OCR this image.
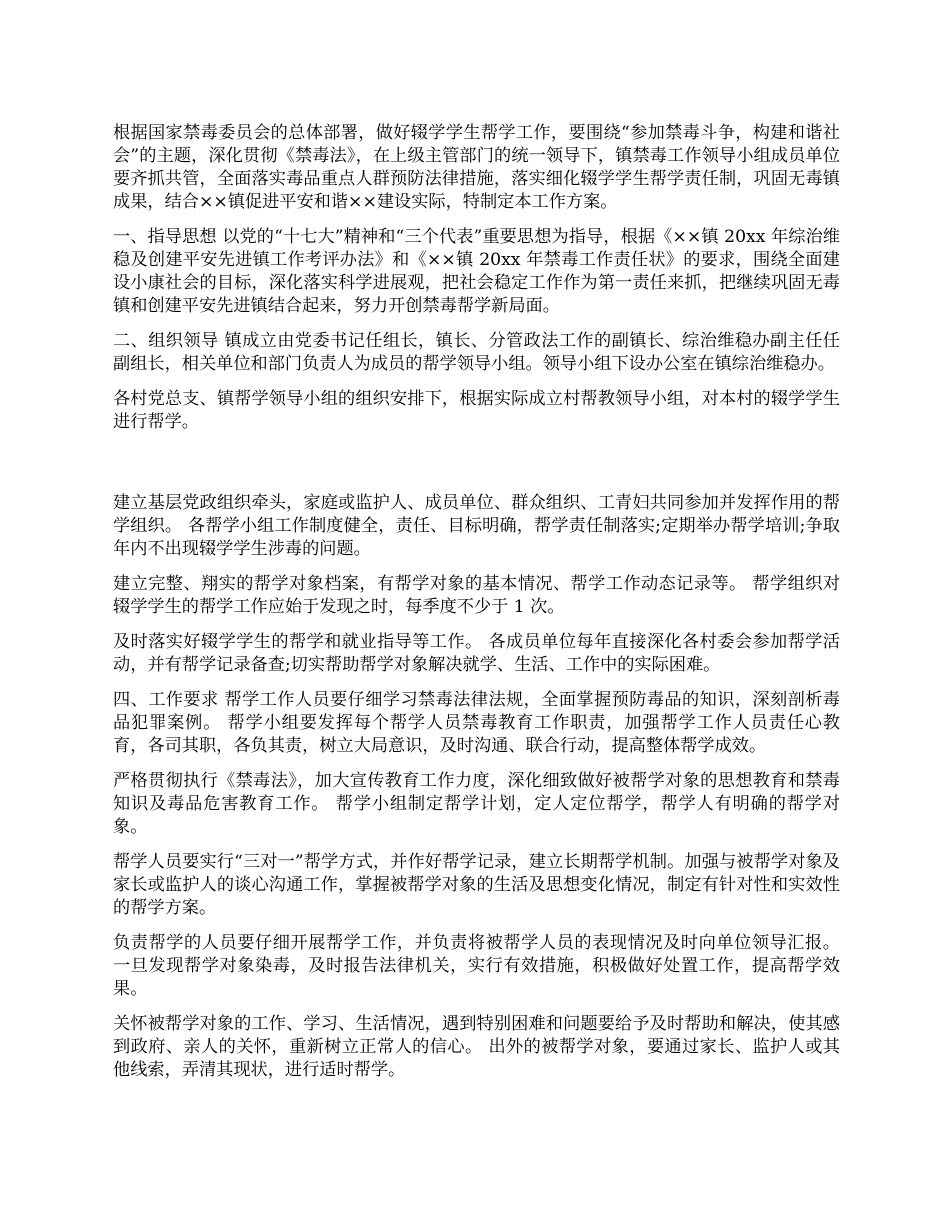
根据国家禁毒委员会的总体部署，做好辍学学生帮学工作，要围绕“参加禁毒斗争，构建和谐社会”的主题，深化贯彻《禁毒法》，在上级主管部门的统一领导下，镇禁毒工作领导小组成员单位要齐抓共管，全面落实毒品重点人群预防法律措施，落实细化辍学学生帮学责任制，巩固无毒镇成果，结合××镇促进平安和谐××建设实际，特制定本工作方案。

一、指导思想 以党的“十七大”精神和“三个代表”重要思想为指导，根据《××镇 20xx 年综治维稳及创建平安先进镇工作考评办法》和《××镇 20xx 年禁毒工作责任状》的要求，围绕全面建设小康社会的目标，深化落实科学进展观，把社会稳定工作作为第一责任来抓，把继续巩固无毒镇和创建平安先进镇结合起来，努力开创禁毒帮学新局面。

二、组织领导 镇成立由党委书记任组长，镇长、分管政法工作的副镇长、综治维稳办副主任任副组长，相关单位和部门负责人为成员的帮学领导小组。领导小组下设办公室在镇综治维稳办。

各村党总支、镇帮学领导小组的组织安排下，根据实际成立村帮教领导小组，对本村的辍学学生进行帮学。

建立基层党政组织牵头，家庭或监护人、成员单位、群众组织、工青妇共同参加并发挥作用的帮学组织。 各帮学小组工作制度健全，责任、目标明确，帮学责任制落实;定期举办帮学培训;争取年内不出现辍学学生涉毒的问题。

建立完整、翔实的帮学对象档案，有帮学对象的基本情况、帮学工作动态记录等。 帮学组织对辍学学生的帮学工作应始于发现之时，每季度不少于 1 次。

及时落实好辍学学生的帮学和就业指导等工作。 各成员单位每年直接深化各村委会参加帮学活动，并有帮学记录备查;切实帮助帮学对象解决就学、生活、工作中的实际困难。

四、工作要求 帮学工作人员要仔细学习禁毒法律法规，全面掌握预防毒品的知识，深刻剖析毒品犯罪案例。 帮学小组要发挥每个帮学人员禁毒教育工作职责，加强帮学工作人员责任心教育，各司其职，各负其责，树立大局意识，及时沟通、联合行动，提高整体帮学成效。

严格贯彻执行《禁毒法》，加大宣传教育工作力度，深化细致做好被帮学对象的思想教育和禁毒知识及毒品危害教育工作。 帮学小组制定帮学计划，定人定位帮学，帮学人有明确的帮学对象。

帮学人员要实行“三对一”帮学方式，并作好帮学记录，建立长期帮学机制。加强与被帮学对象及家长或监护人的谈心沟通工作，掌握被帮学对象的生活及思想变化情况，制定有针对性和实效性的帮学方案。

负责帮学的人员要仔细开展帮学工作，并负责将被帮学人员的表现情况及时向单位领导汇报。 一旦发现帮学对象染毒，及时报告法律机关，实行有效措施，积极做好处置工作，提高帮学效果。

关怀被帮学对象的工作、学习、生活情况，遇到特别困难和问题要给予及时帮助和解决，使其感到政府、亲人的关怀，重新树立正常人的信心。 出外的被帮学对象，要通过家长、监护人或其他线索，弄清其现状，进行适时帮学。
